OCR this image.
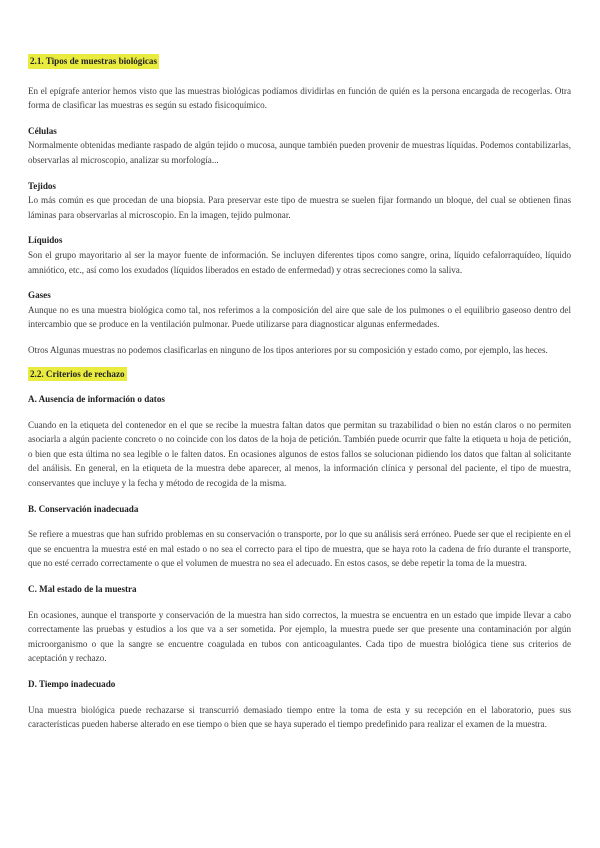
2.1. Tipos de muestras biológicas

En el epígrafe anterior hemos visto que las muestras biológicas podíamos dividirlas en función de quién es la persona encargada de recogerlas. Otra forma de clasificar las muestras es según su estado fisicoquímico.

Células

Normalmente obtenidas mediante raspado de algún tejido o mucosa, aunque también pueden provenir de muestras líquidas. Podemos contabilizarlas, observarlas al microscopio, analizar su morfología...

Tejidos

Lo más común es que procedan de una biopsia. Para preservar este tipo de muestra se suelen fijar formando un bloque, del cual se obtienen finas láminas para observarlas al microscopio. En la imagen, tejido pulmonar.

Líquidos

Son el grupo mayoritario al ser la mayor fuente de información. Se incluyen diferentes tipos como sangre, orina, líquido cefalorraquídeo, líquido amniótico, etc., así como los exudados (líquidos liberados en estado de enfermedad) y otras secreciones como la saliva.

Gases

Aunque no es una muestra biológica como tal, nos referimos a la composición del aire que sale de los pulmones o el equilibrio gaseoso dentro del intercambio que se produce en la ventilación pulmonar. Puede utilizarse para diagnosticar algunas enfermedades.

Otros Algunas muestras no podemos clasificarlas en ninguno de los tipos anteriores por su composición y estado como, por ejemplo, las heces.

2.2. Criterios de rechazo

A. Ausencia de información o datos

Cuando en la etiqueta del contenedor en el que se recibe la muestra faltan datos que permitan su trazabilidad o bien no están claros o no permiten asociarla a algún paciente concreto o no coincide con los datos de la hoja de petición. También puede ocurrir que falte la etiqueta u hoja de petición, o bien que esta última no sea legible o le falten datos. En ocasiones algunos de estos fallos se solucionan pidiendo los datos que faltan al solicitante del análisis. En general, en la etiqueta de la muestra debe aparecer, al menos, la información clínica y personal del paciente, el tipo de muestra, conservantes que incluye y la fecha y método de recogida de la misma.

B. Conservación inadecuada

Se refiere a muestras que han sufrido problemas en su conservación o transporte, por lo que su análisis será erróneo. Puede ser que el recipiente en el que se encuentra la muestra esté en mal estado o no sea el correcto para el tipo de muestra, que se haya roto la cadena de frío durante el transporte, que no esté cerrado correctamente o que el volumen de muestra no sea el adecuado. En estos casos, se debe repetir la toma de la muestra.

C. Mal estado de la muestra

En ocasiones, aunque el transporte y conservación de la muestra han sido correctos, la muestra se encuentra en un estado que impide llevar a cabo correctamente las pruebas y estudios a los que va a ser sometida. Por ejemplo, la muestra puede ser que presente una contaminación por algún microorganismo o que la sangre se encuentre coagulada en tubos con anticoagulantes. Cada tipo de muestra biológica tiene sus criterios de aceptación y rechazo.

D. Tiempo inadecuado

Una muestra biológica puede rechazarse si transcurrió demasiado tiempo entre la toma de esta y su recepción en el laboratorio, pues sus características pueden haberse alterado en ese tiempo o bien que se haya superado el tiempo predefinido para realizar el examen de la muestra.
